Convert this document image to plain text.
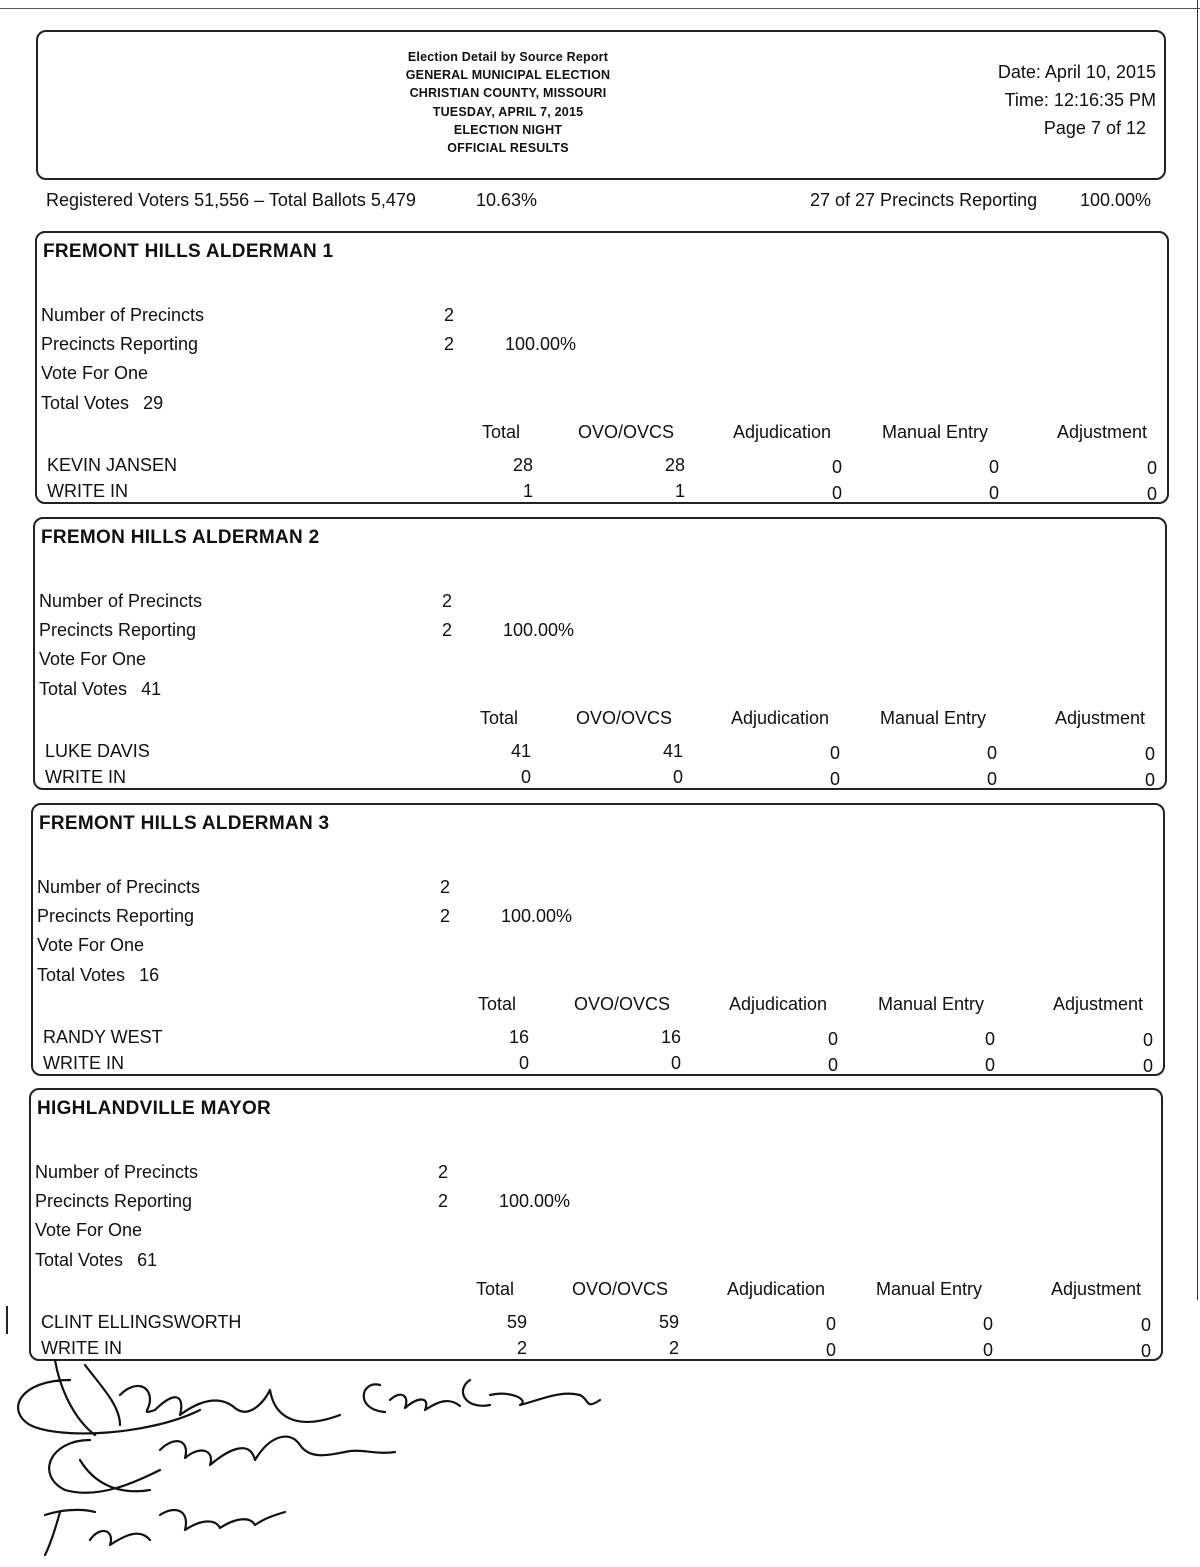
Election Detail by Source Report
GENERAL MUNICIPAL ELECTION
CHRISTIAN COUNTY, MISSOURI
TUESDAY, APRIL 7, 2015
ELECTION NIGHT
OFFICIAL RESULTS
Date: April 10, 2015
Time: 12:16:35 PM
Page 7 of 12
Registered Voters 51,556 – Total Ballots 5,479	10.63%	27 of 27 Precincts Reporting 100.00%
FREMONT HILLS ALDERMAN 1
Number of Precincts	2
Precincts Reporting	2	100.00%
Vote For One
Total Votes 29
Total	OVO/OVCS	Adjudication	Manual Entry	Adjustment
KEVIN JANSEN	28	28	0	0	0
WRITE IN	1	1	0	0	0
FREMON HILLS ALDERMAN 2
Number of Precincts	2
Precincts Reporting	2	100.00%
Vote For One
Total Votes 41
Total	OVO/OVCS	Adjudication	Manual Entry	Adjustment
LUKE DAVIS	41	41	0	0	0
WRITE IN	0	0	0	0	0
FREMONT HILLS ALDERMAN 3
Number of Precincts	2
Precincts Reporting	2	100.00%
Vote For One
Total Votes 16
Total	OVO/OVCS	Adjudication	Manual Entry	Adjustment
RANDY WEST	16	16	0	0	0
WRITE IN	0	0	0	0	0
HIGHLANDVILLE MAYOR
Number of Precincts	2
Precincts Reporting	2	100.00%
Vote For One
Total Votes 61
Total	OVO/OVCS	Adjudication	Manual Entry	Adjustment
CLINT ELLINGSWORTH	59	59	0	0	0
WRITE IN	2	2	0	0	0
